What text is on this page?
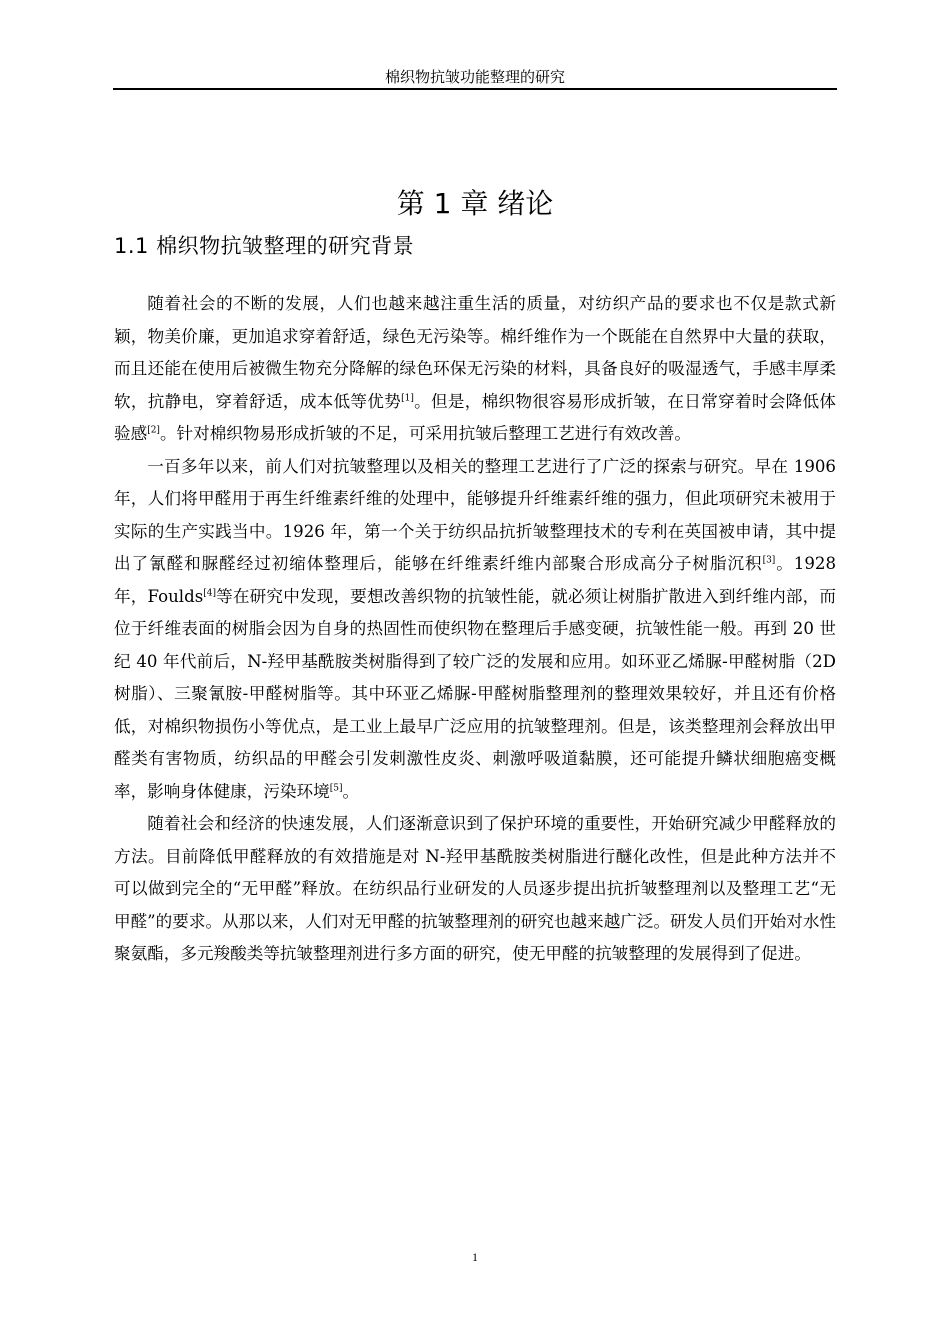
棉织物抗皱功能整理的研究
第 1 章 绪论
1.1 棉织物抗皱整理的研究背景

随着社会的不断的发展，人们也越来越注重生活的质量，对纺织产品的要求也不仅是款式新颖，物美价廉，更加追求穿着舒适，绿色无污染等。棉纤维作为一个既能在自然界中大量的获取，而且还能在使用后被微生物充分降解的绿色环保无污染的材料，具备良好的吸湿透气，手感丰厚柔软，抗静电，穿着舒适，成本低等优势[1]。但是，棉织物很容易形成折皱，在日常穿着时会降低体验感[2]。针对棉织物易形成折皱的不足，可采用抗皱后整理工艺进行有效改善。

一百多年以来，前人们对抗皱整理以及相关的整理工艺进行了广泛的探索与研究。早在 1906 年，人们将甲醛用于再生纤维素纤维的处理中，能够提升纤维素纤维的强力，但此项研究未被用于实际的生产实践当中。1926 年，第一个关于纺织品抗折皱整理技术的专利在英国被申请，其中提出了氰醛和脲醛经过初缩体整理后，能够在纤维素纤维内部聚合形成高分子树脂沉积[3]。1928 年，Foulds[4]等在研究中发现，要想改善织物的抗皱性能，就必须让树脂扩散进入到纤维内部，而位于纤维表面的树脂会因为自身的热固性而使织物在整理后手感变硬，抗皱性能一般。再到 20 世纪 40 年代前后，N-羟甲基酰胺类树脂得到了较广泛的发展和应用。如环亚乙烯脲-甲醛树脂（2D 树脂）、三聚氰胺-甲醛树脂等。其中环亚乙烯脲-甲醛树脂整理剂的整理效果较好，并且还有价格低，对棉织物损伤小等优点，是工业上最早广泛应用的抗皱整理剂。但是，该类整理剂会释放出甲醛类有害物质，纺织品的甲醛会引发刺激性皮炎、刺激呼吸道黏膜，还可能提升鳞状细胞癌变概率，影响身体健康，污染环境[5]。

随着社会和经济的快速发展，人们逐渐意识到了保护环境的重要性，开始研究减少甲醛释放的方法。目前降低甲醛释放的有效措施是对 N-羟甲基酰胺类树脂进行醚化改性，但是此种方法并不可以做到完全的“无甲醛”释放。在纺织品行业研发的人员逐步提出抗折皱整理剂以及整理工艺“无甲醛”的要求。从那以来，人们对无甲醛的抗皱整理剂的研究也越来越广泛。研发人员们开始对水性聚氨酯，多元羧酸类等抗皱整理剂进行多方面的研究，使无甲醛的抗皱整理的发展得到了促进。

1
